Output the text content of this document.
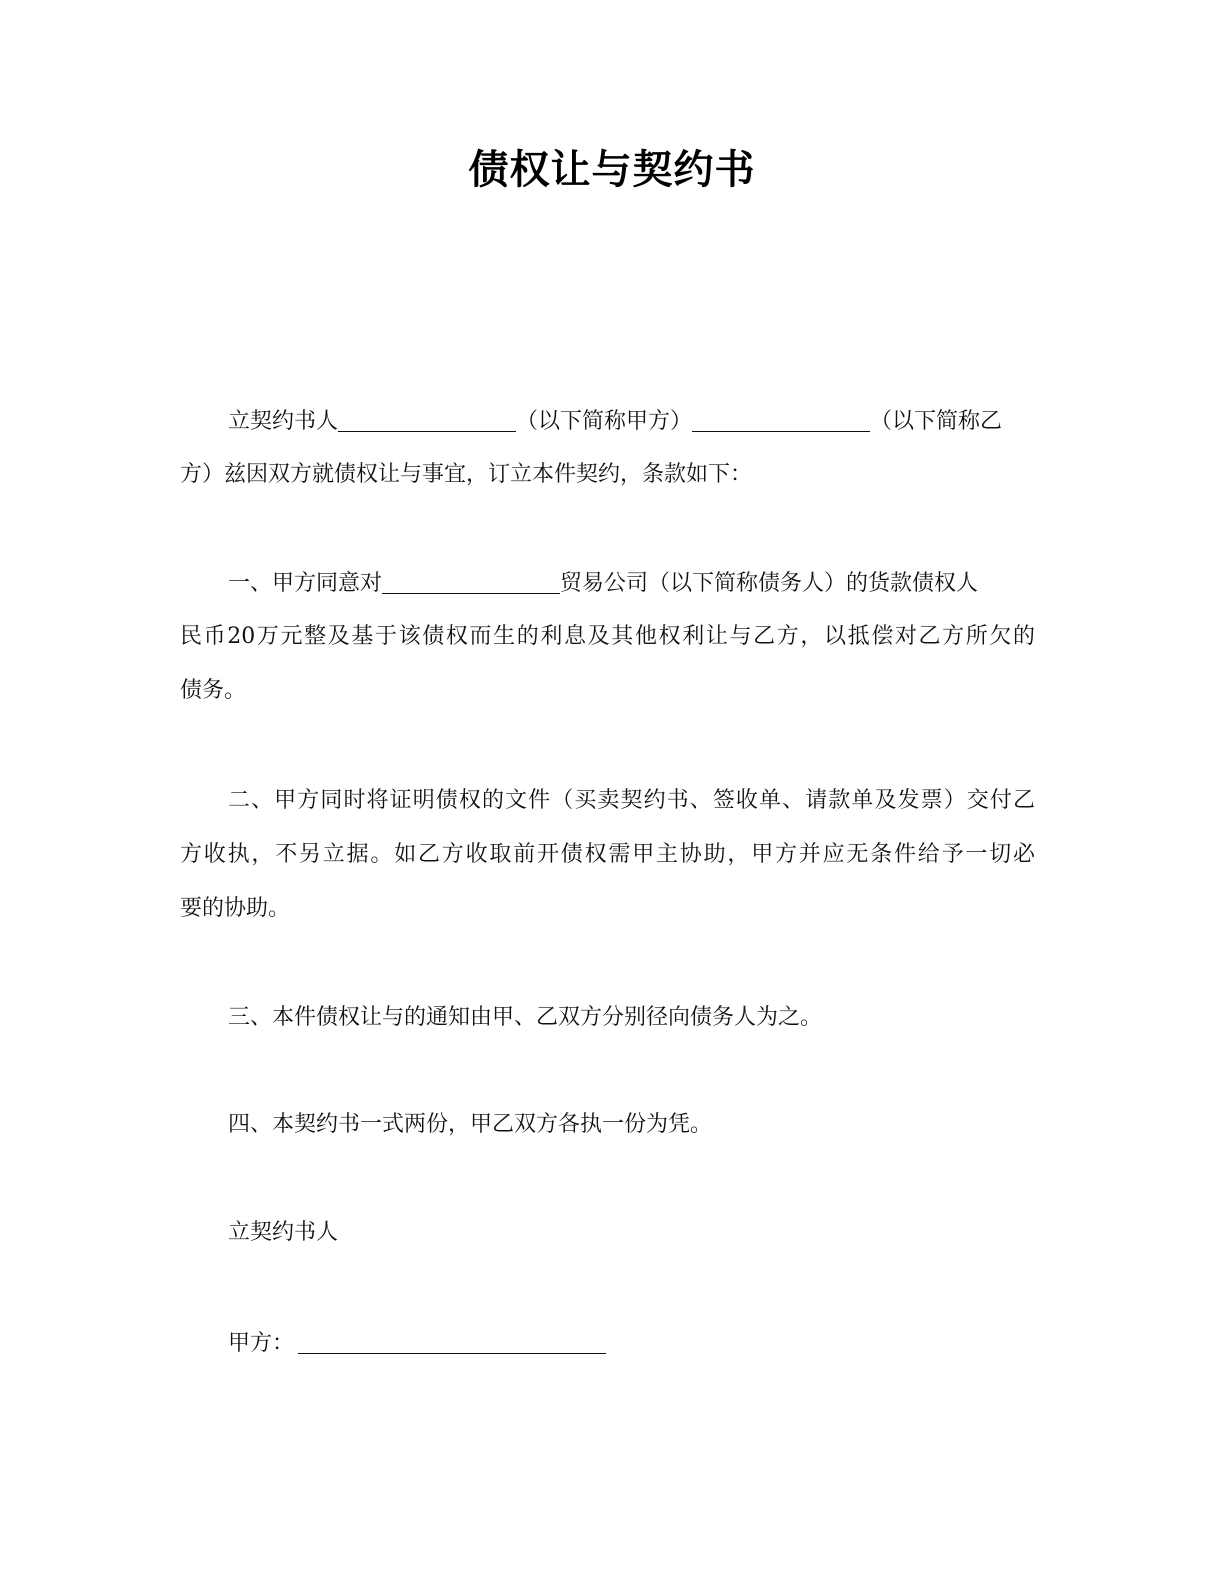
债权让与契约书
立契约书人	（以下简称甲方）	（以下简称乙
方）兹因双方就债权让与事宜，订立本件契约，条款如下：
一、甲方同意对	贸易公司（以下简称债务人）的货款债权人
民币20万元整及基于该债权而生的利息及其他权利让与乙方，以抵偿对乙方所欠的
债务。
二、甲方同时将证明债权的文件（买卖契约书、签收单、请款单及发票）交付乙
方收执，不另立据。如乙方收取前开债权需甲主协助，甲方并应无条件给予一切必
要的协助。
三、本件债权让与的通知由甲、乙双方分别径向债务人为之。
四、本契约书一式两份，甲乙双方各执一份为凭。
立契约书人
甲方：
